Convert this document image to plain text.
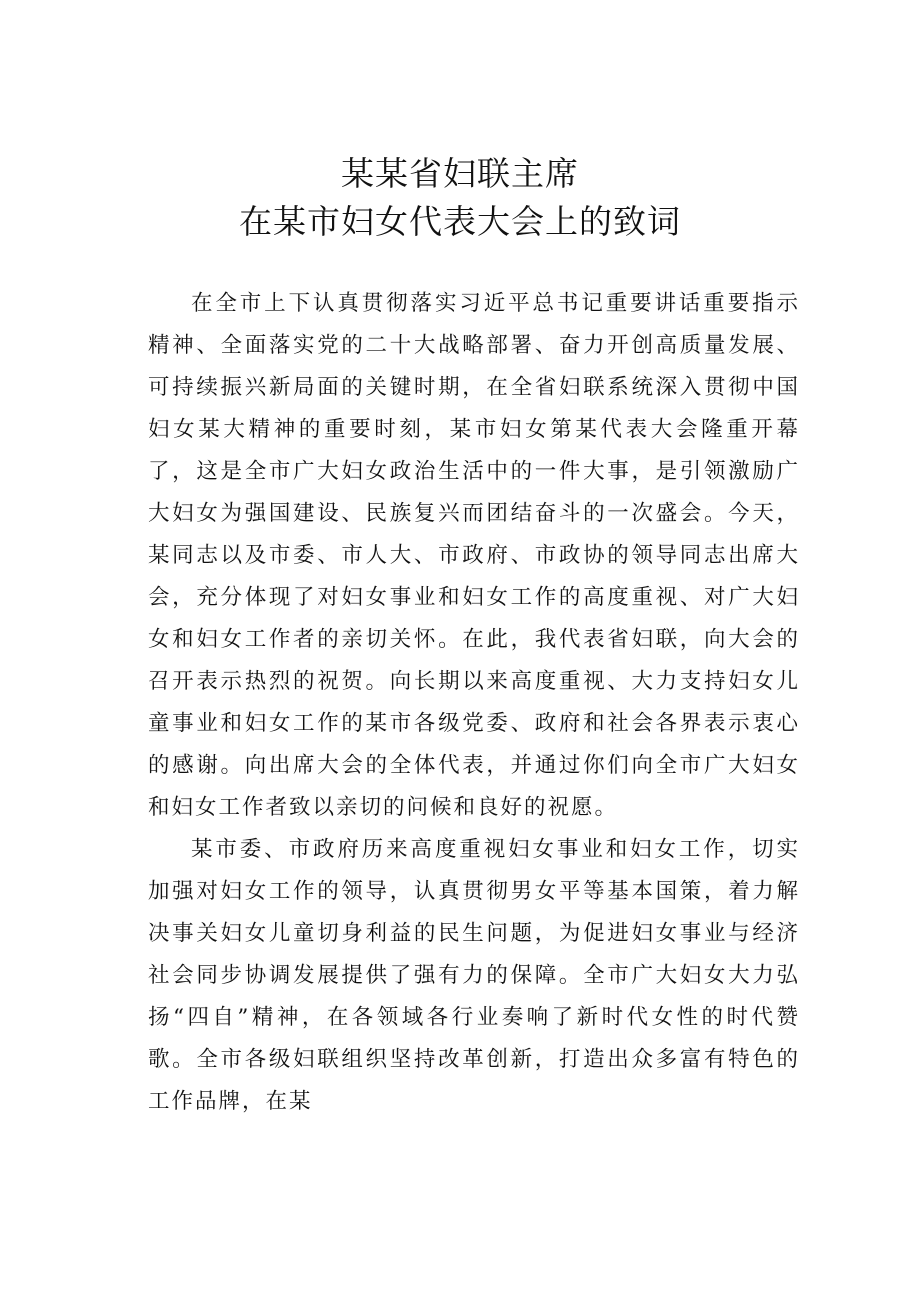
某某省妇联主席
在某市妇女代表大会上的致词

在全市上下认真贯彻落实习近平总书记重要讲话重要指示精神、全面落实党的二十大战略部署、奋力开创高质量发展、可持续振兴新局面的关键时期，在全省妇联系统深入贯彻中国妇女某大精神的重要时刻，某市妇女第某代表大会隆重开幕了，这是全市广大妇女政治生活中的一件大事，是引领激励广大妇女为强国建设、民族复兴而团结奋斗的一次盛会。今天，某同志以及市委、市人大、市政府、市政协的领导同志出席大会，充分体现了对妇女事业和妇女工作的高度重视、对广大妇女和妇女工作者的亲切关怀。在此，我代表省妇联，向大会的召开表示热烈的祝贺。向长期以来高度重视、大力支持妇女儿童事业和妇女工作的某市各级党委、政府和社会各界表示衷心的感谢。向出席大会的全体代表，并通过你们向全市广大妇女和妇女工作者致以亲切的问候和良好的祝愿。

某市委、市政府历来高度重视妇女事业和妇女工作，切实加强对妇女工作的领导，认真贯彻男女平等基本国策，着力解决事关妇女儿童切身利益的民生问题，为促进妇女事业与经济社会同步协调发展提供了强有力的保障。全市广大妇女大力弘扬“四自”精神，在各领域各行业奏响了新时代女性的时代赞歌。全市各级妇联组织坚持改革创新，打造出众多富有特色的工作品牌，在某
